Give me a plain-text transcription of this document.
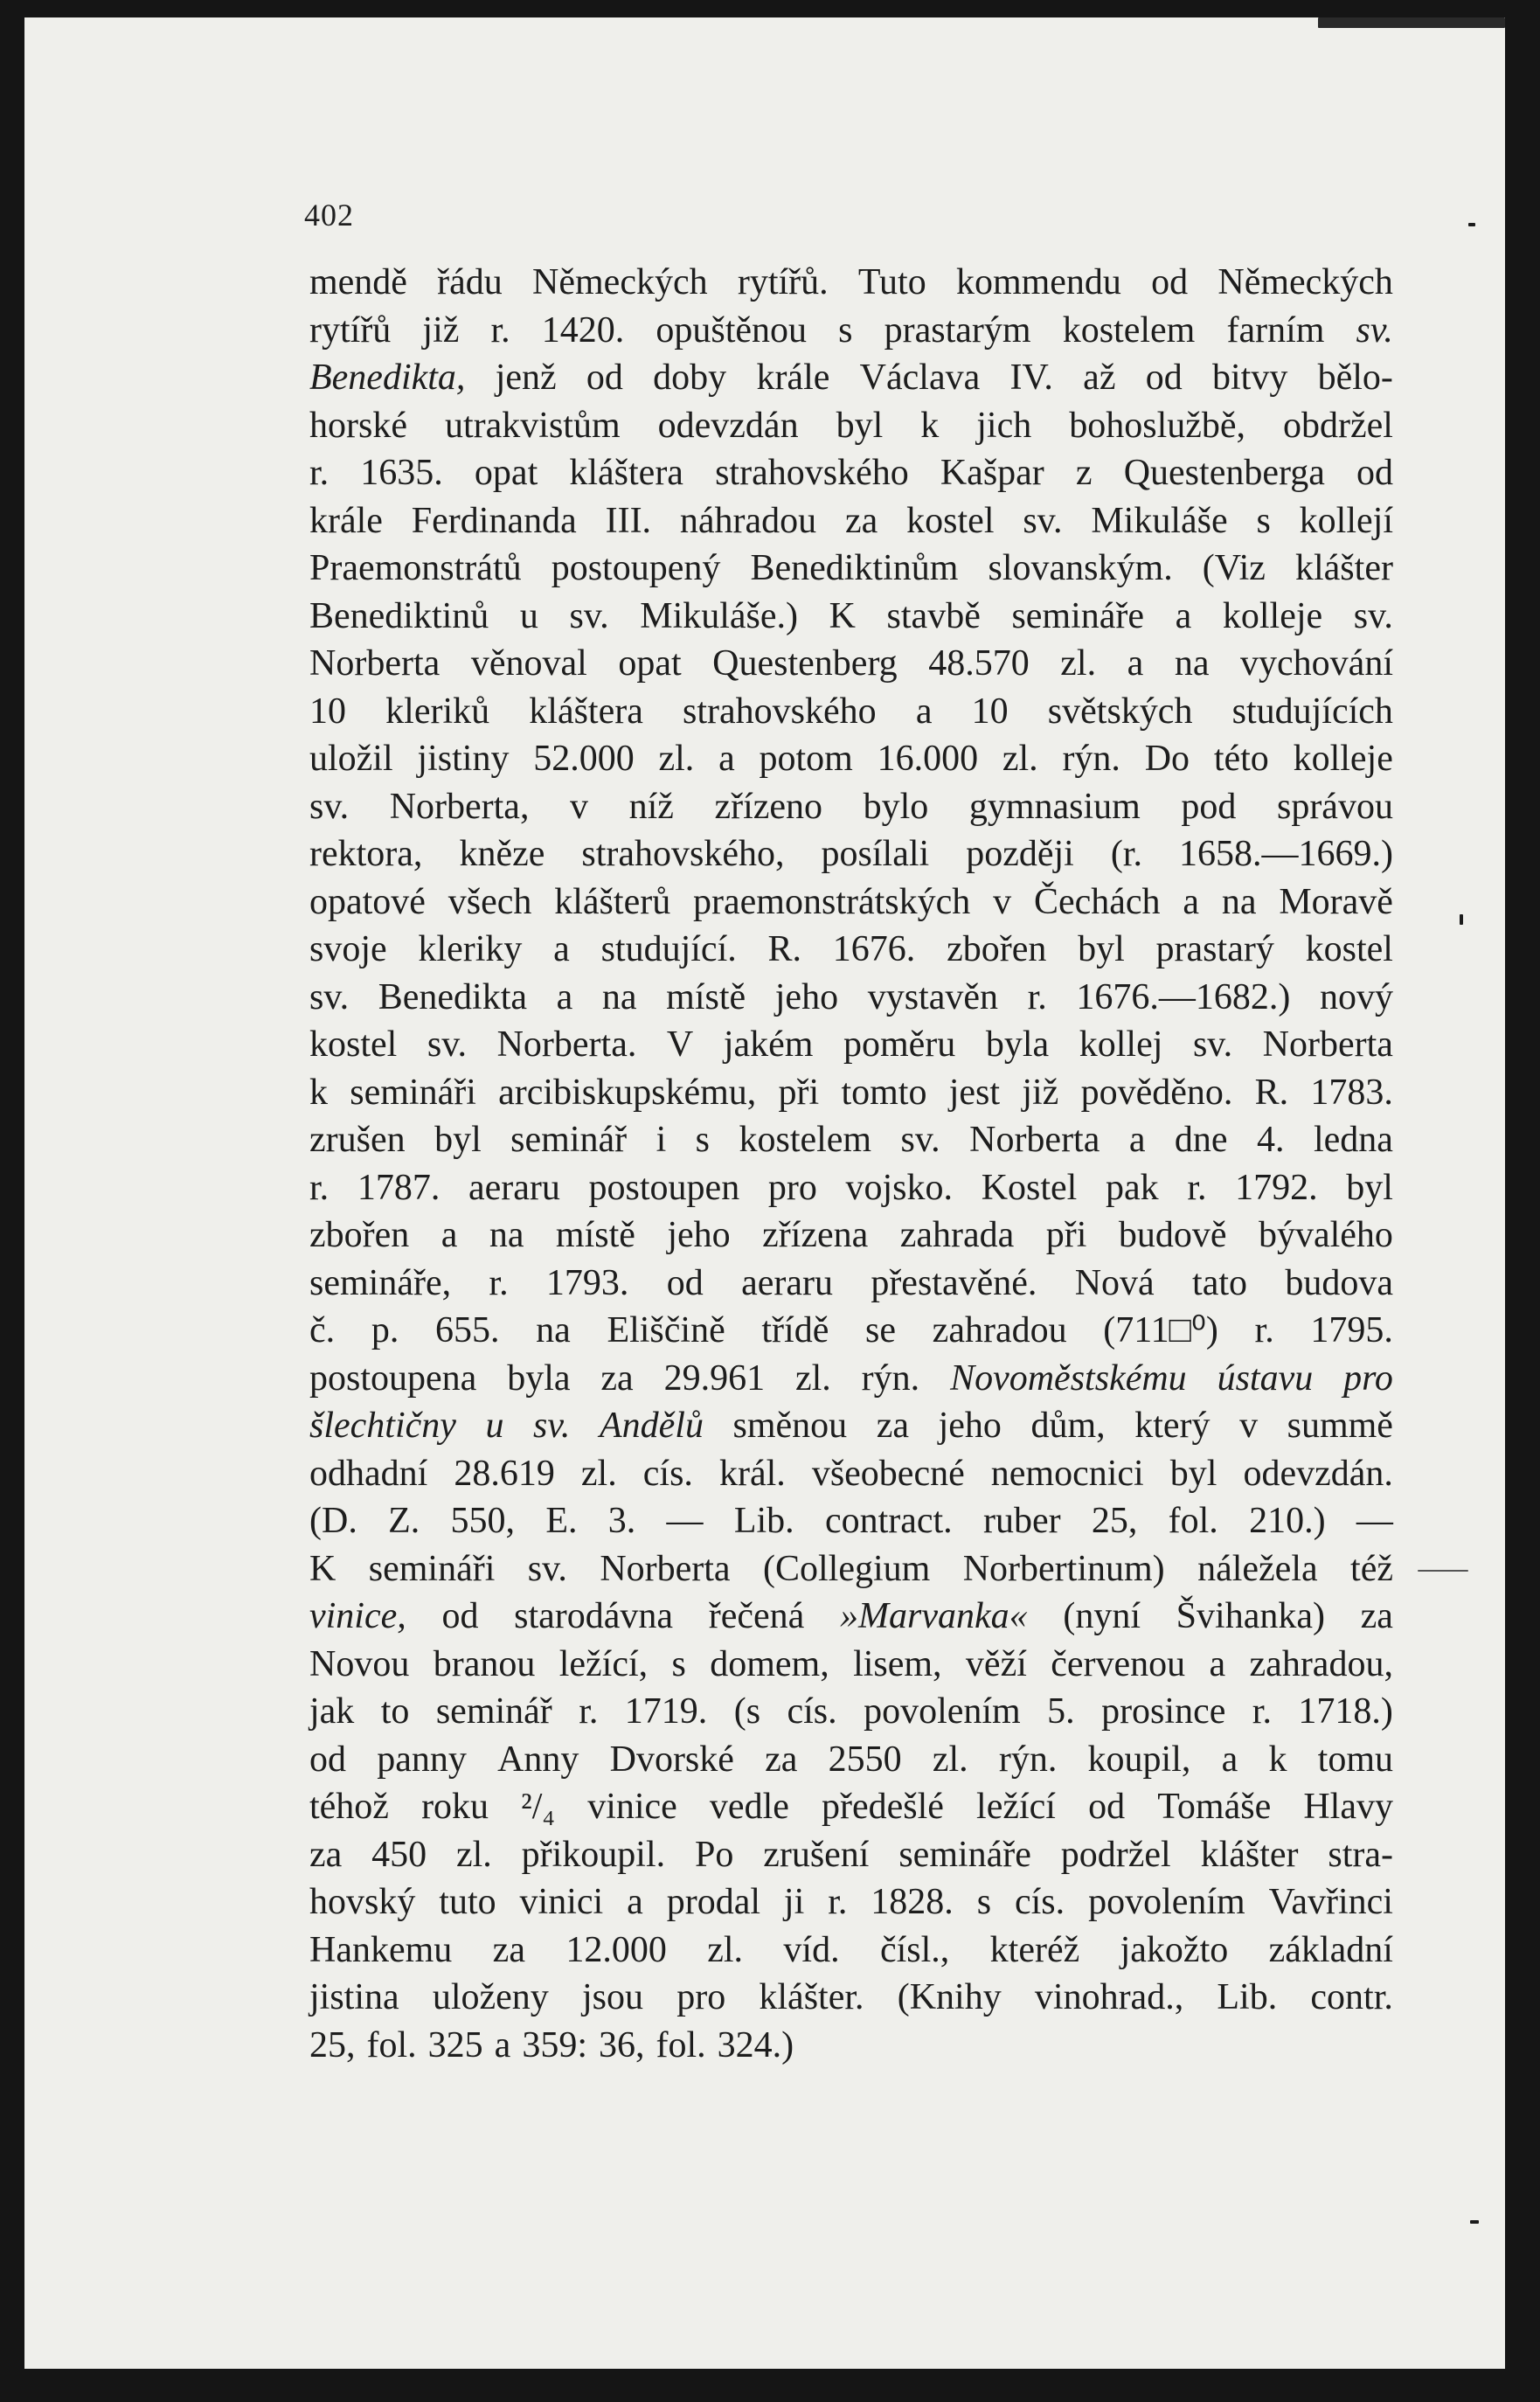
402
mendě řádu Německých rytířů. Tuto kommendu od Německých
rytířů již r. 1420. opuštěnou s prastarým kostelem farním sv.
Benedikta, jenž od doby krále Václava IV. až od bitvy bělo-
horské utrakvistům odevzdán byl k jich bohoslužbě, obdržel
r. 1635. opat kláštera strahovského Kašpar z Questenberga od
krále Ferdinanda III. náhradou za kostel sv. Mikuláše s kollejí
Praemonstrátů postoupený Benediktinům slovanským. (Viz klášter
Benediktinů u sv. Mikuláše.) K stavbě semináře a kolleje sv.
Norberta věnoval opat Questenberg 48.570 zl. a na vychování
10 kleriků kláštera strahovského a 10 světských studujících
uložil jistiny 52.000 zl. a potom 16.000 zl. rýn. Do této kolleje
sv. Norberta, v níž zřízeno bylo gymnasium pod správou
rektora, kněze strahovského, posílali později (r. 1658.—1669.)
opatové všech klášterů praemonstrátských v Čechách a na Moravě
svoje kleriky a studující. R. 1676. zbořen byl prastarý kostel
sv. Benedikta a na místě jeho vystavěn r. 1676.—1682.) nový
kostel sv. Norberta. V jakém poměru byla kollej sv. Norberta
k semináři arcibiskupskému, při tomto jest již pověděno. R. 1783.
zrušen byl seminář i s kostelem sv. Norberta a dne 4. ledna
r. 1787. aeraru postoupen pro vojsko. Kostel pak r. 1792. byl
zbořen a na místě jeho zřízena zahrada při budově bývalého
semináře, r. 1793. od aeraru přestavěné. Nová tato budova
č. p. 655. na Eliščině třídě se zahradou (711□⁰) r. 1795.
postoupena byla za 29.961 zl. rýn. Novoměstskému ústavu pro
šlechtičny u sv. Andělů směnou za jeho dům, který v summě
odhadní 28.619 zl. cís. král. všeobecné nemocnici byl odevzdán.
(D. Z. 550, E. 3. — Lib. contract. ruber 25, fol. 210.) —
K semináři sv. Norberta (Collegium Norbertinum) náležela též
vinice, od starodávna řečená »Marvanka« (nyní Švihanka) za
Novou branou ležící, s domem, lisem, věží červenou a zahradou,
jak to seminář r. 1719. (s cís. povolením 5. prosince r. 1718.)
od panny Anny Dvorské za 2550 zl. rýn. koupil, a k tomu
téhož roku ²/₄ vinice vedle předešlé ležící od Tomáše Hlavy
za 450 zl. přikoupil. Po zrušení semináře podržel klášter stra-
hovský tuto vinici a prodal ji r. 1828. s cís. povolením Vavřinci
Hankemu za 12.000 zl. víd. čísl., kteréž jakožto základní
jistina uloženy jsou pro klášter. (Knihy vinohrad., Lib. contr.
25, fol. 325 a 359: 36, fol. 324.)
